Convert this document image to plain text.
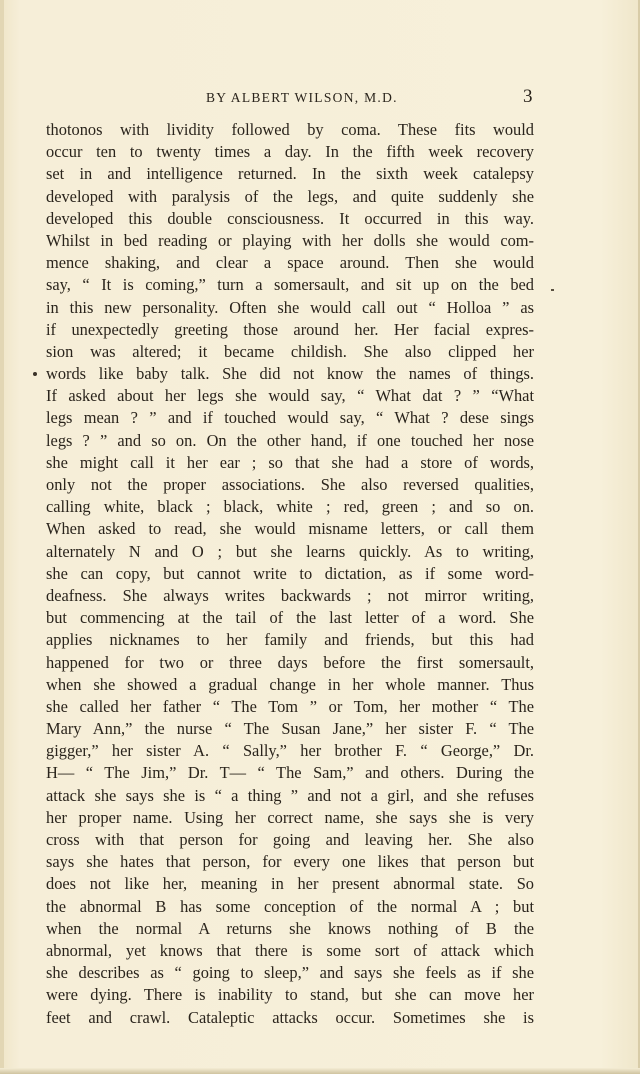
BY ALBERT WILSON, M.D.	3
thotonos with lividity followed by coma. These fits would
occur ten to twenty times a day. In the fifth week recovery
set in and intelligence returned. In the sixth week catalepsy
developed with paralysis of the legs, and quite suddenly she
developed this double consciousness. It occurred in this way.
Whilst in bed reading or playing with her dolls she would com-
mence shaking, and clear a space around. Then she would
say, “ It is coming,” turn a somersault, and sit up on the bed
in this new personality. Often she would call out “ Holloa ” as
if unexpectedly greeting those around her. Her facial expres-
sion was altered; it became childish. She also clipped her
words like baby talk. She did not know the names of things.
If asked about her legs she would say, “ What dat ? ” “What
legs mean ? ” and if touched would say, “ What ? dese sings
legs ? ” and so on. On the other hand, if one touched her nose
she might call it her ear ; so that she had a store of words,
only not the proper associations. She also reversed qualities,
calling white, black ; black, white ; red, green ; and so on.
When asked to read, she would misname letters, or call them
alternately N and O ; but she learns quickly. As to writing,
she can copy, but cannot write to dictation, as if some word-
deafness. She always writes backwards ; not mirror writing,
but commencing at the tail of the last letter of a word. She
applies nicknames to her family and friends, but this had
happened for two or three days before the first somersault,
when she showed a gradual change in her whole manner. Thus
she called her father “ The Tom ” or Tom, her mother “ The
Mary Ann,” the nurse “ The Susan Jane,” her sister F. “ The
gigger,” her sister A. “ Sally,” her brother F. “ George,” Dr.
H— “ The Jim,” Dr. T— “ The Sam,” and others. During the
attack she says she is “ a thing ” and not a girl, and she refuses
her proper name. Using her correct name, she says she is very
cross with that person for going and leaving her. She also
says she hates that person, for every one likes that person but
does not like her, meaning in her present abnormal state. So
the abnormal B has some conception of the normal A ; but
when the normal A returns she knows nothing of B the
abnormal, yet knows that there is some sort of attack which
she describes as “ going to sleep,” and says she feels as if she
were dying. There is inability to stand, but she can move her
feet and crawl. Cataleptic attacks occur. Sometimes she is
